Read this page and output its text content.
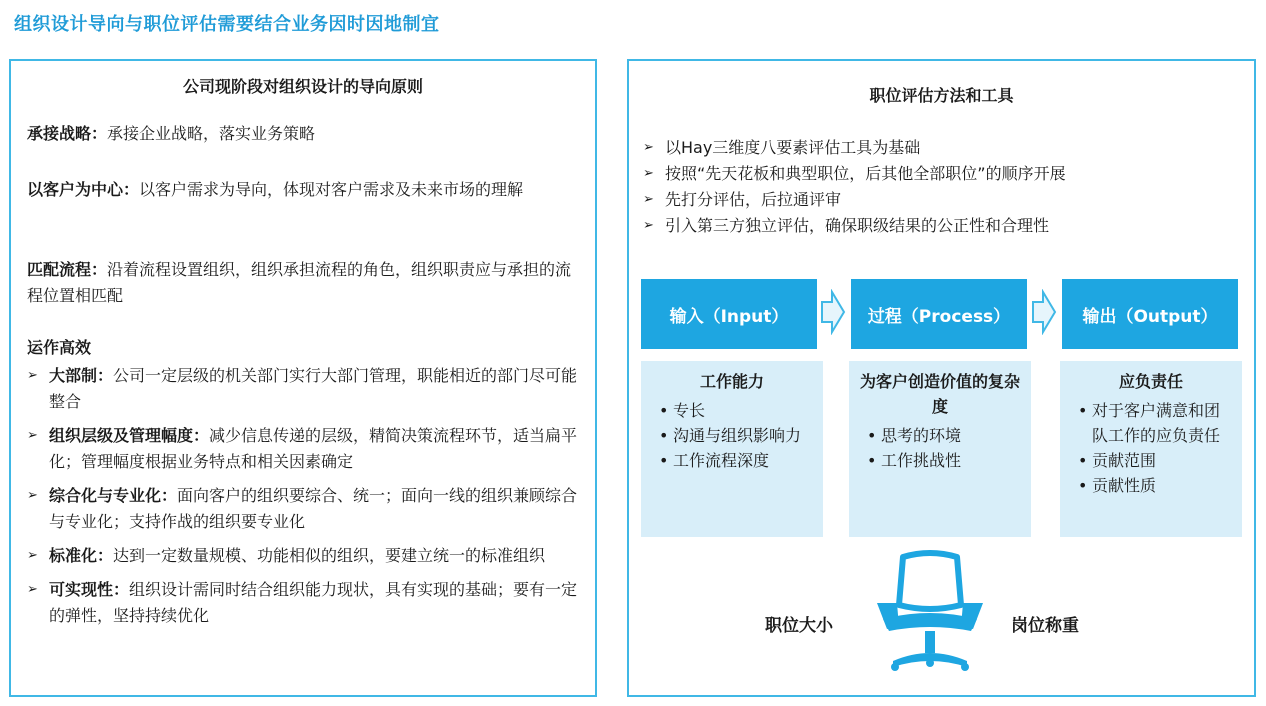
组织设计导向与职位评估需要结合业务因时因地制宜
公司现阶段对组织设计的导向原则
承接战略：承接企业战略，落实业务策略
以客户为中心：以客户需求为导向，体现对客户需求及未来市场的理解
匹配流程：沿着流程设置组织，组织承担流程的角色，组织职责应与承担的流程位置相匹配
运作高效
➢ 大部制：公司一定层级的机关部门实行大部门管理，职能相近的部门尽可能整合
➢ 组织层级及管理幅度：减少信息传递的层级，精简决策流程环节，适当扁平化；管理幅度根据业务特点和相关因素确定
➢ 综合化与专业化：面向客户的组织要综合、统一；面向一线的组织兼顾综合与专业化；支持作战的组织要专业化
➢ 标准化：达到一定数量规模、功能相似的组织，要建立统一的标准组织
➢ 可实现性：组织设计需同时结合组织能力现状，具有实现的基础；要有一定的弹性，坚持持续优化
职位评估方法和工具
➢ 以Hay三维度八要素评估工具为基础
➢ 按照“先天花板和典型职位，后其他全部职位”的顺序开展
➢ 先打分评估，后拉通评审
➢ 引入第三方独立评估，确保职级结果的公正性和合理性
输入（Input）	过程（Process）	输出（Output）
工作能力
• 专长
• 沟通与组织影响力
• 工作流程深度
为客户创造价值的复杂度
• 思考的环境
• 工作挑战性
应负责任
• 对于客户满意和团队工作的应负责任
• 贡献范围
• 贡献性质
职位大小	岗位称重
